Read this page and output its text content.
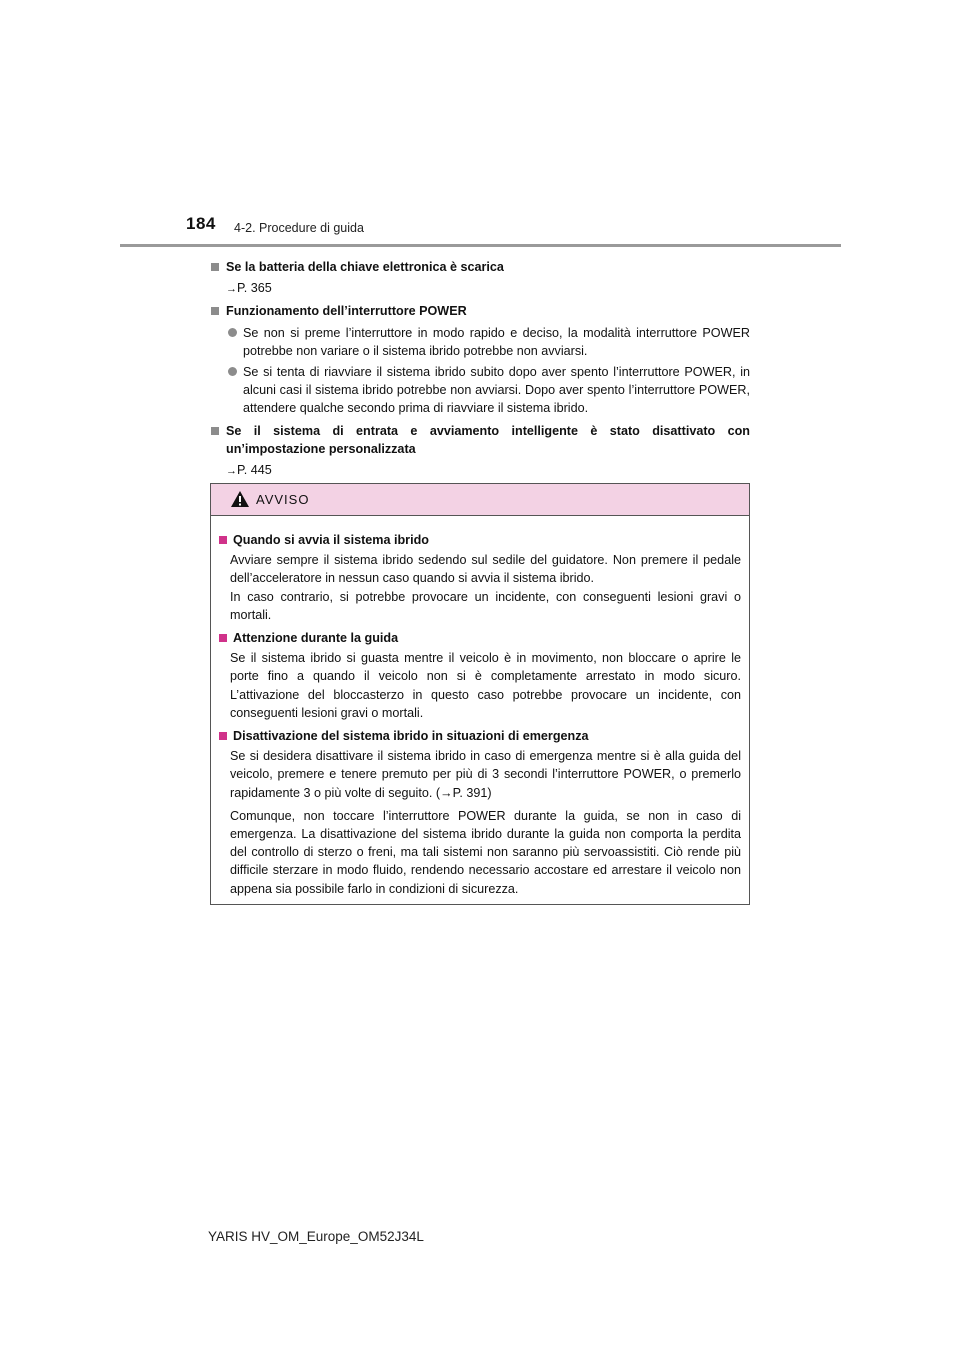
184 4-2. Procedure di guida
Se la batteria della chiave elettronica è scarica
→P. 365
Funzionamento dell’interruttore POWER
Se non si preme l’interruttore in modo rapido e deciso, la modalità interruttore POWER potrebbe non variare o il sistema ibrido potrebbe non avviarsi.
Se si tenta di riavviare il sistema ibrido subito dopo aver spento l’interruttore POWER, in alcuni casi il sistema ibrido potrebbe non avviarsi. Dopo aver spento l’interruttore POWER, attendere qualche secondo prima di riavviare il sistema ibrido.
Se il sistema di entrata e avviamento intelligente è stato disattivato con un’impostazione personalizzata
→P. 445
AVVISO
Quando si avvia il sistema ibrido
Avviare sempre il sistema ibrido sedendo sul sedile del guidatore. Non premere il pedale dell’acceleratore in nessun caso quando si avvia il sistema ibrido.
In caso contrario, si potrebbe provocare un incidente, con conseguenti lesioni gravi o mortali.
Attenzione durante la guida
Se il sistema ibrido si guasta mentre il veicolo è in movimento, non bloccare o aprire le porte fino a quando il veicolo non si è completamente arrestato in modo sicuro. L’attivazione del bloccasterzo in questo caso potrebbe provocare un incidente, con conseguenti lesioni gravi o mortali.
Disattivazione del sistema ibrido in situazioni di emergenza
Se si desidera disattivare il sistema ibrido in caso di emergenza mentre si è alla guida del veicolo, premere e tenere premuto per più di 3 secondi l’interruttore POWER, o premerlo rapidamente 3 o più volte di seguito. (→P. 391)
Comunque, non toccare l’interruttore POWER durante la guida, se non in caso di emergenza. La disattivazione del sistema ibrido durante la guida non comporta la perdita del controllo di sterzo o freni, ma tali sistemi non saranno più servoassistiti. Ciò rende più difficile sterzare in modo fluido, rendendo necessario accostare ed arrestare il veicolo non appena sia possibile farlo in condizioni di sicurezza.
YARIS HV_OM_Europe_OM52J34L
